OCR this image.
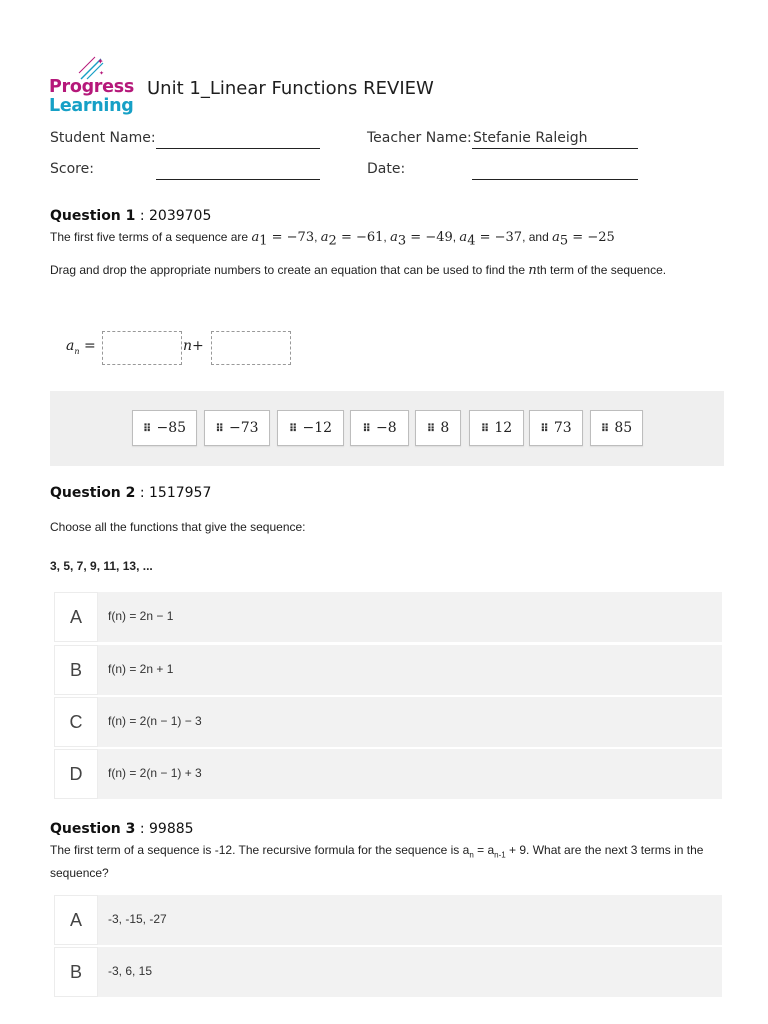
✦
✦
Progress
Learning
Unit 1_Linear Functions REVIEW
Student Name:	Teacher Name: Stefanie Raleigh
Score:	Date:
Question 1 : 2039705
The first five terms of a sequence are $a_1 = -73$, $a_2 = -61$, $a_3 = -49$, $a_4 = -37$, and $a_5 = -25$
Drag and drop the appropriate numbers to create an equation that can be used to find the nth term of the sequence.
$a_n$ =	n+
⠿ −85	⠿ −73	⠿ −12	⠿ −8	⠿ 8	⠿ 12	⠿ 73	⠿ 85
Question 2 : 1517957
Choose all the functions that give the sequence:
3, 5, 7, 9, 11, 13, ...
A	f(n) = 2n − 1
B	f(n) = 2n + 1
C	f(n) = 2(n − 1) − 3
D	f(n) = 2(n − 1) + 3
Question 3 : 99885
The first term of a sequence is -12. The recursive formula for the sequence is $a_n = a_{n-1} + 9$. What are the next 3 terms in the sequence?
A	-3, -15, -27
B	-3, 6, 15
